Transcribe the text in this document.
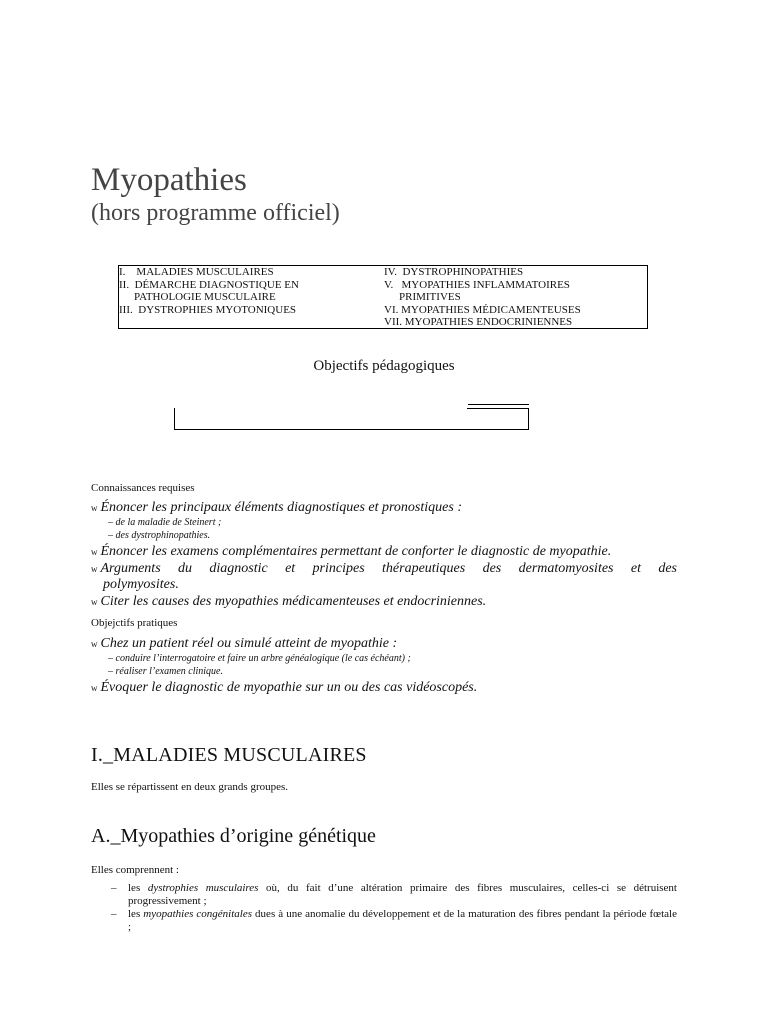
Myopathies
(hors programme officiel)
I. MALADIES MUSCULAIRES
II. DÉMARCHE DIAGNOSTIQUE EN
PATHOLOGIE MUSCULAIRE
III. DYSTROPHIES MYOTONIQUES
IV. DYSTROPHINOPATHIES
V. MYOPATHIES INFLAMMATOIRES
PRIMITIVES
VI. MYOPATHIES MÉDICAMENTEUSES
VII. MYOPATHIES ENDOCRINIENNES
Objectifs pédagogiques
Connaissances requises
w Énoncer les principaux éléments diagnostiques et pronostiques :
– de la maladie de Steinert ;
– des dystrophinopathies.
w Énoncer les examens complémentaires permettant de conforter le diagnostic de myopathie.
w Arguments du diagnostic et principes thérapeutiques des dermatomyosites et des
polymyosites.
w Citer les causes des myopathies médicamenteuses et endocriniennes.
Objejctifs pratiques
w Chez un patient réel ou simulé atteint de myopathie :
– conduire l’interrogatoire et faire un arbre généalogique (le cas échéant) ;
– réaliser l’examen clinique.
w Évoquer le diagnostic de myopathie sur un ou des cas vidéoscopés.
I._MALADIES MUSCULAIRES
Elles se répartissent en deux grands groupes.
A._Myopathies d’origine génétique
Elles comprennent :
– les dystrophies musculaires où, du fait d’une altération primaire des fibres musculaires, celles-ci se détruisent progressivement ;
– les myopathies congénitales dues à une anomalie du développement et de la maturation des fibres pendant la période fœtale ;
